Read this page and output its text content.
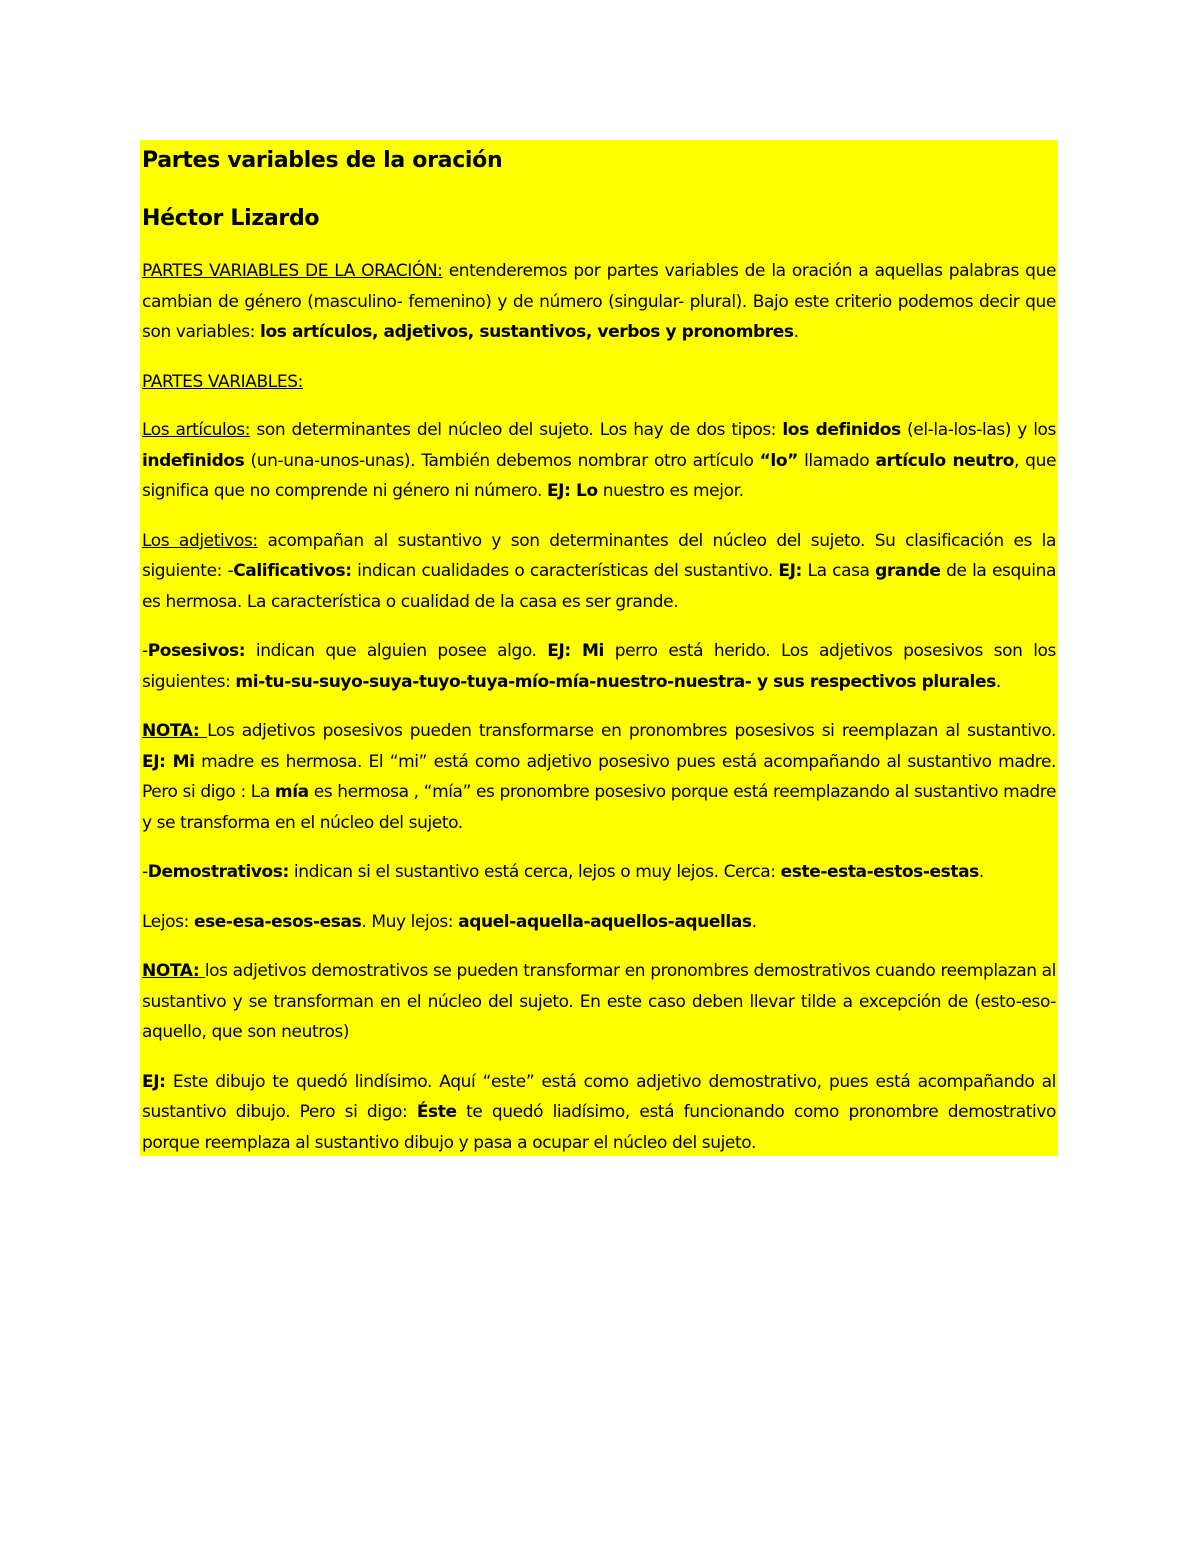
Partes variables de la oración
Héctor Lizardo

PARTES VARIABLES DE LA ORACIÓN: entenderemos por partes variables de la oración a aquellas palabras que cambian de género (masculino- femenino) y de número (singular- plural). Bajo este criterio podemos decir que son variables: los artículos, adjetivos, sustantivos, verbos y pronombres.

PARTES VARIABLES:

Los artículos: son determinantes del núcleo del sujeto. Los hay de dos tipos: los definidos (el-la-los-las) y los indefinidos (un-una-unos-unas). También debemos nombrar otro artículo “lo” llamado artículo neutro, que significa que no comprende ni género ni número. EJ: Lo nuestro es mejor.

Los adjetivos: acompañan al sustantivo y son determinantes del núcleo del sujeto. Su clasificación es la siguiente: -Calificativos: indican cualidades o características del sustantivo. EJ: La casa grande de la esquina es hermosa. La característica o cualidad de la casa es ser grande.

-Posesivos: indican que alguien posee algo. EJ: Mi perro está herido. Los adjetivos posesivos son los siguientes: mi-tu-su-suyo-suya-tuyo-tuya-mío-mía-nuestro-nuestra- y sus respectivos plurales.

NOTA: Los adjetivos posesivos pueden transformarse en pronombres posesivos si reemplazan al sustantivo. EJ: Mi madre es hermosa. El “mi” está como adjetivo posesivo pues está acompañando al sustantivo madre. Pero si digo : La mía es hermosa , “mía” es pronombre posesivo porque está reemplazando al sustantivo madre y se transforma en el núcleo del sujeto.

-Demostrativos: indican si el sustantivo está cerca, lejos o muy lejos. Cerca: este-esta-estos-estas.

Lejos: ese-esa-esos-esas. Muy lejos: aquel-aquella-aquellos-aquellas.

NOTA: los adjetivos demostrativos se pueden transformar en pronombres demostrativos cuando reemplazan al sustantivo y se transforman en el núcleo del sujeto. En este caso deben llevar tilde a excepción de (esto-eso-aquello, que son neutros)

EJ: Este dibujo te quedó lindísimo. Aquí “este” está como adjetivo demostrativo, pues está acompañando al sustantivo dibujo. Pero si digo: Éste te quedó liadísimo, está funcionando como pronombre demostrativo porque reemplaza al sustantivo dibujo y pasa a ocupar el núcleo del sujeto.
